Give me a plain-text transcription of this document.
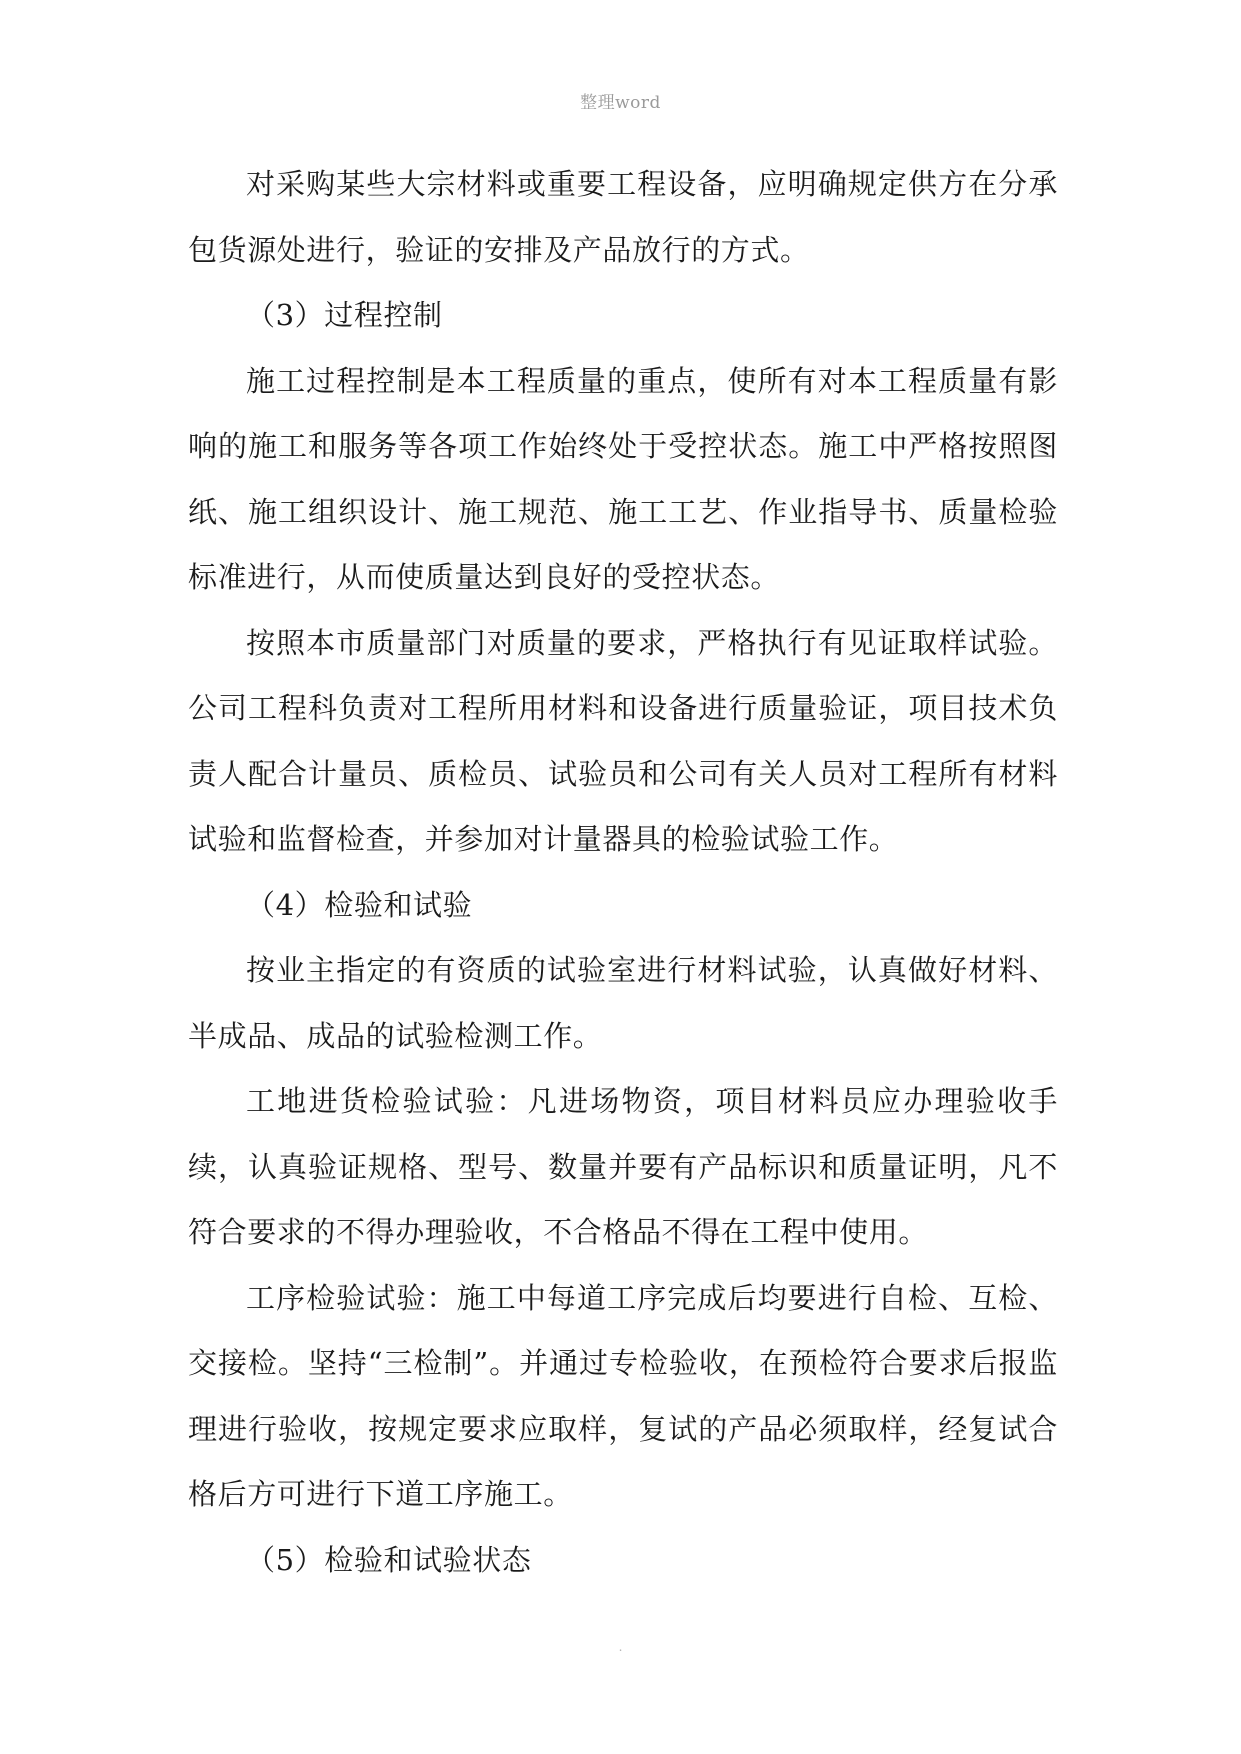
整理word

对采购某些大宗材料或重要工程设备，应明确规定供方在分承包货源处进行，验证的安排及产品放行的方式。

（3）过程控制

施工过程控制是本工程质量的重点，使所有对本工程质量有影响的施工和服务等各项工作始终处于受控状态。施工中严格按照图纸、施工组织设计、施工规范、施工工艺、作业指导书、质量检验标准进行，从而使质量达到良好的受控状态。

按照本市质量部门对质量的要求，严格执行有见证取样试验。公司工程科负责对工程所用材料和设备进行质量验证，项目技术负责人配合计量员、质检员、试验员和公司有关人员对工程所有材料试验和监督检查，并参加对计量器具的检验试验工作。

（4）检验和试验

按业主指定的有资质的试验室进行材料试验，认真做好材料、半成品、成品的试验检测工作。

工地进货检验试验：凡进场物资，项目材料员应办理验收手续，认真验证规格、型号、数量并要有产品标识和质量证明，凡不符合要求的不得办理验收，不合格品不得在工程中使用。

工序检验试验：施工中每道工序完成后均要进行自检、互检、交接检。坚持“三检制”。并通过专检验收，在预检符合要求后报监理进行验收，按规定要求应取样，复试的产品必须取样，经复试合格后方可进行下道工序施工。

（5）检验和试验状态

.
